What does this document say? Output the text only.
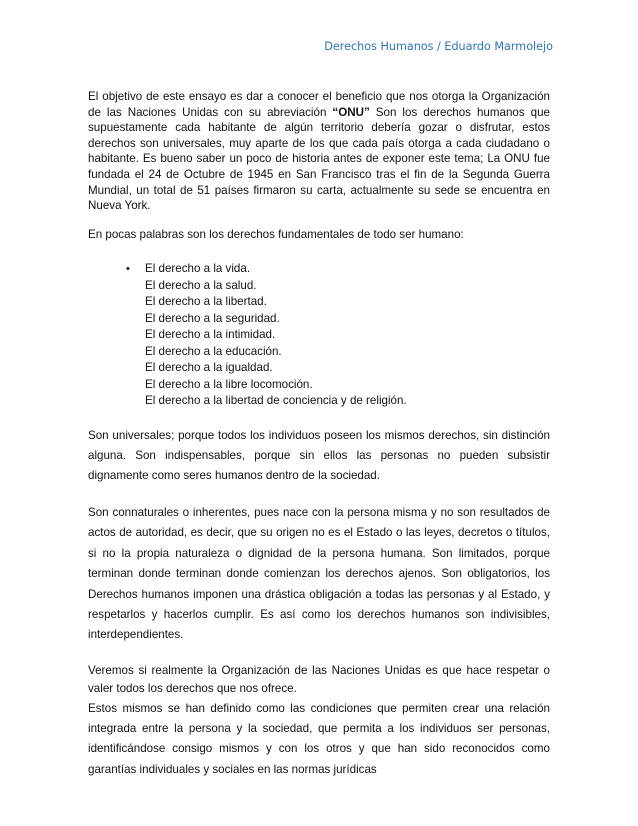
Derechos Humanos / Eduardo Marmolejo

El objetivo de este ensayo es dar a conocer el beneficio que nos otorga la Organización de las Naciones Unidas con su abreviación “ONU” Son los derechos humanos que supuestamente cada habitante de algún territorio debería gozar o disfrutar, estos derechos son universales, muy aparte de los que cada país otorga a cada ciudadano o habitante. Es bueno saber un poco de historia antes de exponer este tema; La ONU fue fundada el 24 de Octubre de 1945 en San Francisco tras el fin de la Segunda Guerra Mundial, un total de 51 países firmaron su carta, actualmente su sede se encuentra en Nueva York.

En pocas palabras son los derechos fundamentales de todo ser humano:

• El derecho a la vida.
El derecho a la salud.
El derecho a la libertad.
El derecho a la seguridad.
El derecho a la intimidad.
El derecho a la educación.
El derecho a la igualdad.
El derecho a la libre locomoción.
El derecho a la libertad de conciencia y de religión.

Son universales; porque todos los individuos poseen los mismos derechos, sin distinción alguna. Son indispensables, porque sin ellos las personas no pueden subsistir dignamente como seres humanos dentro de la sociedad.

Son connaturales o inherentes, pues nace con la persona misma y no son resultados de actos de autoridad, es decir, que su origen no es el Estado o las leyes, decretos o títulos, si no la propia naturaleza o dignidad de la persona humana. Son limitados, porque terminan donde terminan donde comienzan los derechos ajenos. Son obligatorios, los Derechos humanos imponen una drástica obligación a todas las personas y al Estado, y respetarlos y hacerlos cumplir. Es así como los derechos humanos son indivisibles, interdependientes.

Veremos si realmente la Organización de las Naciones Unidas es que hace respetar o valer todos los derechos que nos ofrece.

Estos mismos se han definido como las condiciones que permiten crear una relación integrada entre la persona y la sociedad, que permita a los individuos ser personas, identificándose consigo mismos y con los otros y que han sido reconocidos como garantías individuales y sociales en las normas jurídicas
